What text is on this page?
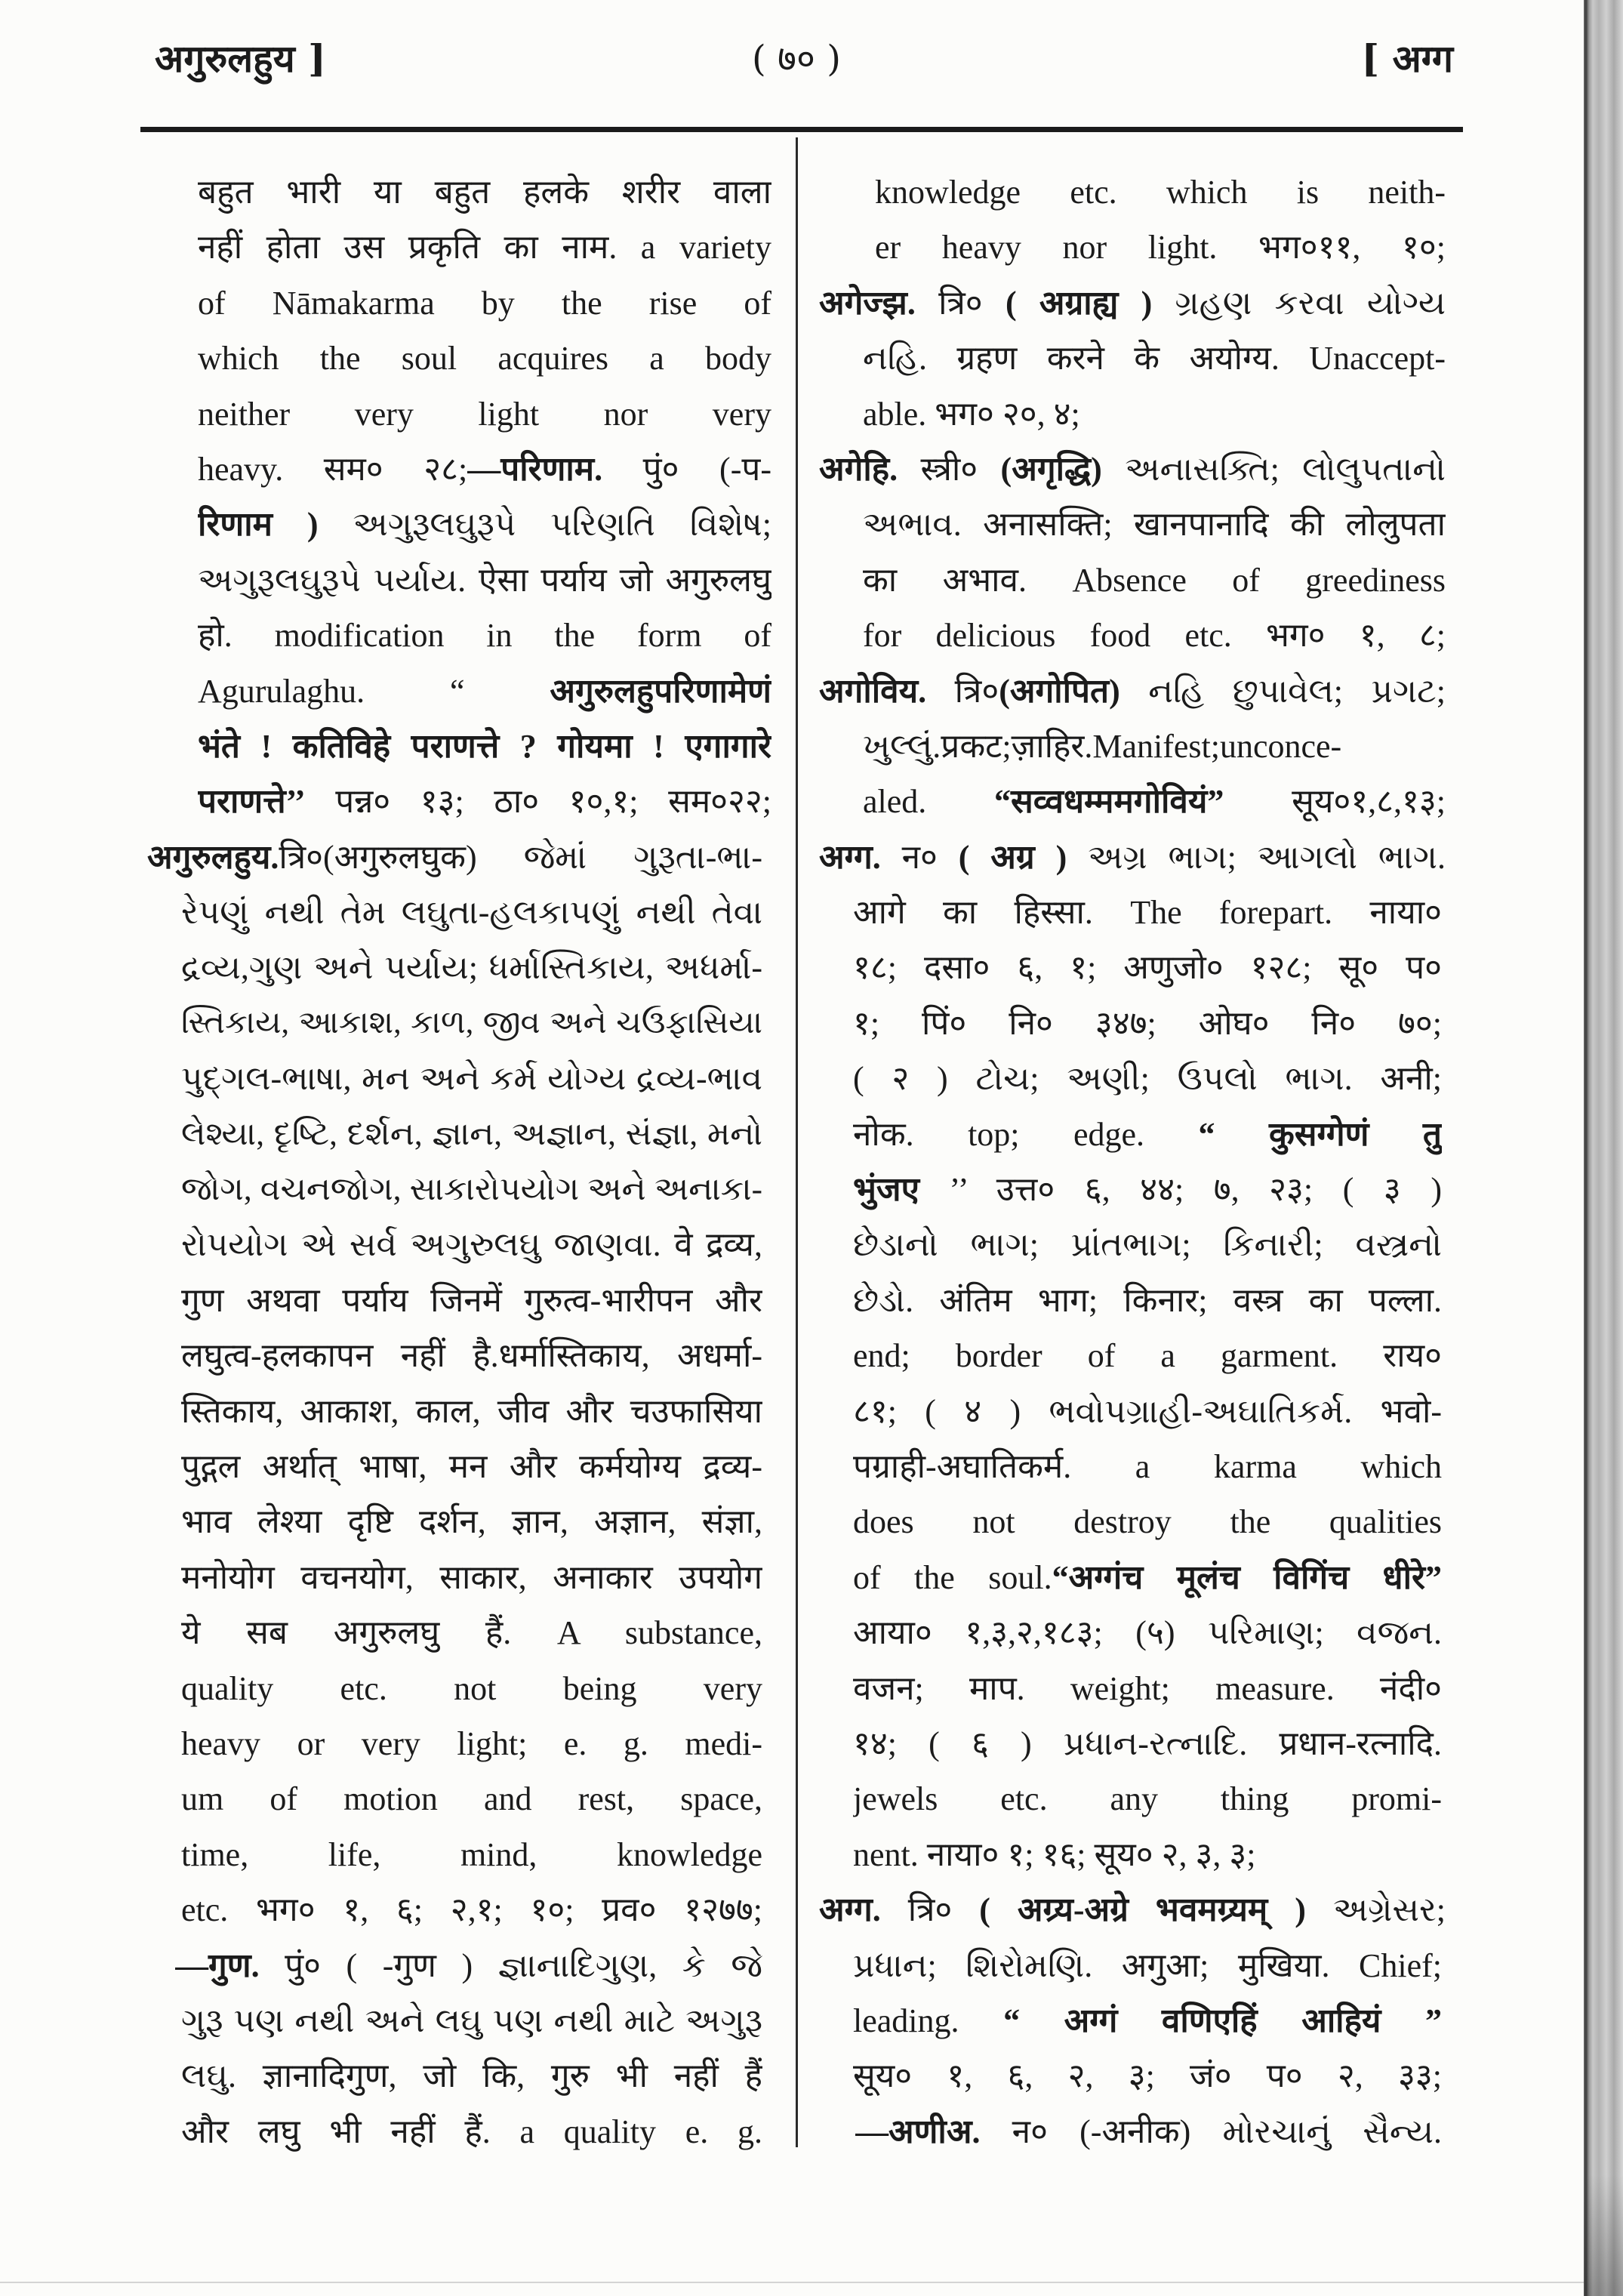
अगुरुलहुय ]	( ७० )	[ अग्ग
बहुत भारी या बहुत हलके शरीर वाला
नहीं होता उस प्रकृति का नाम. a variety
of Nāmakarma by the rise of
which the soul acquires a body
neither very light nor very
heavy. सम० २८;—परिणाम. पुं० (-प-
रिणाम ) અગુરૂલઘુરૂપે પરિણતિ વિશેષ;
અગુરૂલઘુરૂપે પર્યાય. ऐसा पर्याय जो अगुरुलघु
हो. modification in the form of
Agurulaghu. “ अगुरुलहुपरिणामेणं
भंते ! कतिविहे पराणत्ते ? गोयमा ! एगागारे
पराणत्ते’’ पन्न० १३; ठा० १०,१; सम०२२;
अगुरुलहुय.त्रि०(अगुरुलघुक) જેમાં ગુરૂતા-ભા-
રેપણું નથી તેમ લઘુતા-હલકાપણું નથી તેવા
દ્રવ્ય,ગુણ અને પર્યાય; ધર્માસ્તિકાય, અધર્મા-
સ્તિકાય, આકાશ, કાળ, જીવ અને ચઉફાસિયા
પુદ્ગલ-ભાષા, મન અને કર્મ યોગ્ય દ્રવ્ય-ભાવ
લેશ્યા, દૃષ્ટિ, દર્શન, જ્ઞાન, અજ્ઞાન, સંજ્ઞા, મનો
જોગ, વચનજોગ, સાકારોપયોગ અને અનાકા-
રોપયોગ એ સર્વ અગુરુલઘુ જાણવા. वे द्रव्य,
गुण अथवा पर्याय जिनमें गुरुत्व-भारीपन और
लघुत्व-हलकापन नहीं है.धर्मास्तिकाय, अधर्मा-
स्तिकाय, आकाश, काल, जीव और चउफासिया
पुद्गल अर्थात् भाषा, मन और कर्मयोग्य द्रव्य-
भाव लेश्या दृष्टि दर्शन, ज्ञान, अज्ञान, संज्ञा,
मनोयोग वचनयोग, साकार, अनाकार उपयोग
ये सब अगुरुलघु हैं. A substance,
quality etc. not being very
heavy or very light; e. g. medi-
um of motion and rest, space,
time, life, mind, knowledge
etc. भग० १, ६; २,१; १०; प्रव० १२७७;
—गुण. पुं० ( -गुण ) જ્ઞાનાદિગુણ, કે જે
ગુરૂ પણ નથી અને લઘુ પણ નથી માટે અગુરૂ
લઘુ. ज्ञानादिगुण, जो कि, गुरु भी नहीं हैं
और लघु भी नहीं हैं. a quality e. g.
knowledge etc. which is neith-
er heavy nor light. भग०११, १०;
अगेज्झ. त्रि० ( अग्राह्य ) ગ્રહણ કરવા યોગ્ય
નહિ. ग्रहण करने के अयोग्य. Unaccept-
able. भग० २०, ४;
अगेहि. स्त्री० (अगृद्धि) અનાસક્તિ; લોલુપતાનો
અભાવ. अनासक्ति; खानपानादि की लोलुपता
का अभाव. Absence of greediness
for delicious food etc. भग० १, ८;
अगोविय. त्रि०(अगोपित) નહિ છુપાવેલ; પ્રગટ;
ખુલ્લું.प्रकट;ज़ाहिर.Manifest;unconce-
aled. “सव्वधम्ममगोवियं” सूय०१,८,१३;
अग्ग. न० ( अग्र ) અગ્ર ભાગ; આગલો ભાગ.
आगे का हिस्सा. The forepart. नाया०
१८; दसा० ६, १; अणुजो० १२८; सू० प०
१; पिं० नि० ३४७; ओघ० नि० ७०;
( २ ) ટોચ; અણી; ઉપલો ભાગ. अनी;
नोक. top; edge. “ कुसग्गेणं तु
भुंजए ’’ उत्त० ६, ४४; ७, २३; ( ३ )
છેડાનો ભાગ; પ્રાંતભાગ; કિનારી; વસ્ત્રનો
છેડો. अंतिम भाग; किनार; वस्त्र का पल्ला.
end; border of a garment. राय०
८१; ( ४ ) ભવોપગ્રાહી-અઘાતિકર્મ. भवो-
पग्राही-अघातिकर्म. a karma which
does not destroy the qualities
of the soul.“अग्गंच मूलंच विगिंच धीरे”
आया० १,३,२,१८३; (५) પરિમાણ; વજન.
वजन; माप. weight; measure. नंदी०
१४; ( ६ ) પ્રધાન-રત્નાદિ. प्रधान-रत्नादि.
jewels etc. any thing promi-
nent. नाया० १; १६; सूय० २, ३, ३;
अग्ग. त्रि० ( अग्र्य-अग्रे भवमग्र्यम् ) અગ્રેસર;
પ્રધાન; શિરોમણિ. अगुआ; मुखिया. Chief;
leading. “ अग्गं वणिएहिं आहियं ”
सूय० १, ६, २, ३; जं० प० २, ३३;
—अणीअ. न० (-अनीक) મોરચાનું સૈન્ય.
